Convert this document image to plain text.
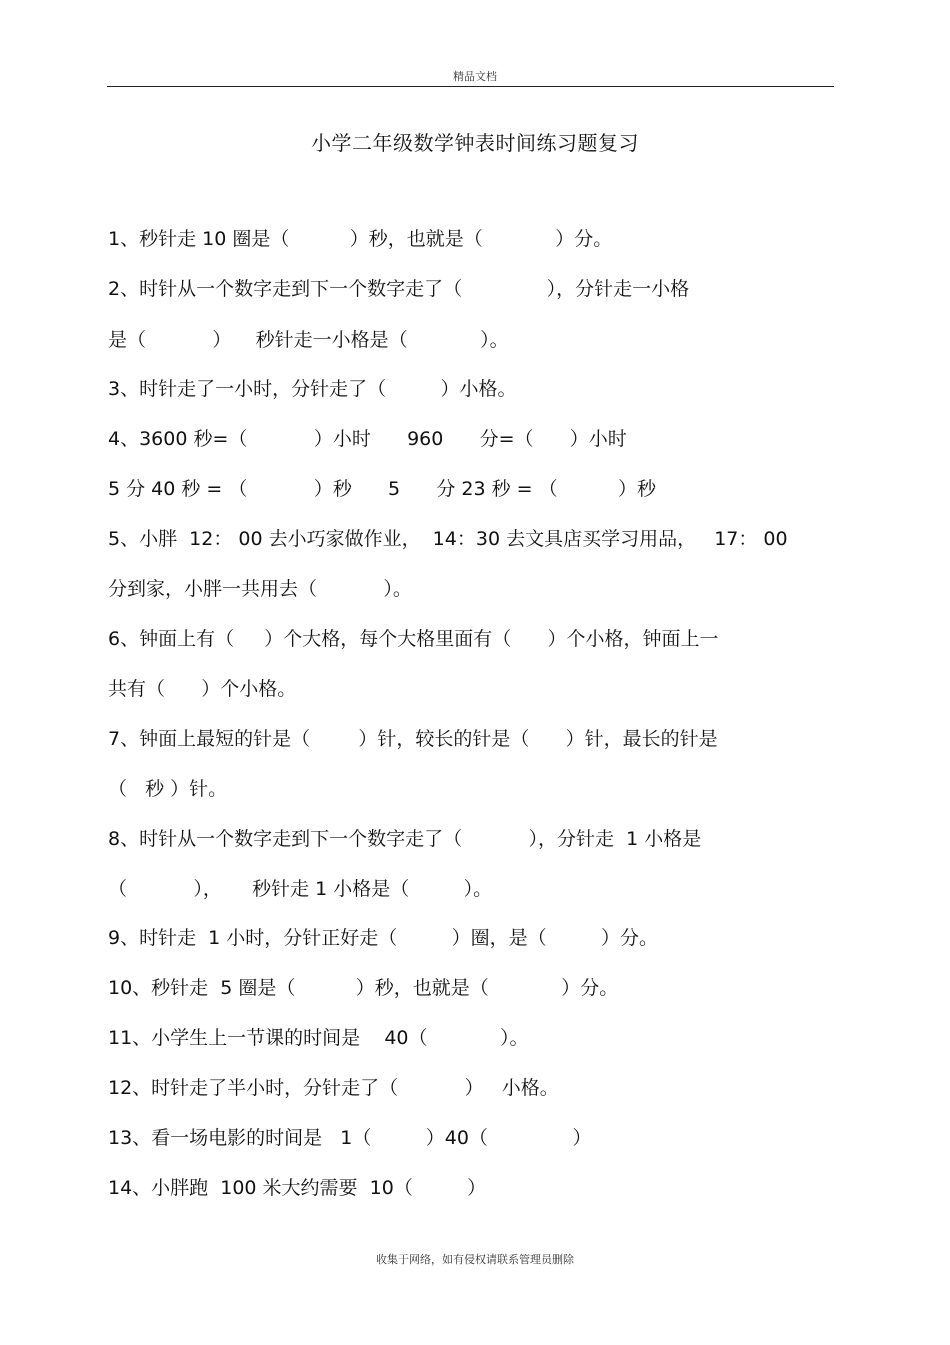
精品文档
小学二年级数学钟表时间练习题复习
1、秒针走 10 圈是（          ）秒，也就是（            ）分。
2、时针从一个数字走到下一个数字走了（              ），分针走一小格
是（           ）    秒针走一小格是（            ）。
3、时针走了一小时，分针走了（         ）小格。
4、3600 秒=（           ）小时      960      分=（      ）小时
5 分 40 秒 = （           ）秒      5      分 23 秒 = （          ）秒
5、小胖  12： 00 去小巧家做作业，  14：30 去文具店买学习用品，   17： 00
分到家，小胖一共用去（           ）。
6、钟面上有（     ）个大格，每个大格里面有（      ）个小格，钟面上一
共有（      ）个小格。
7、钟面上最短的针是（        ）针，较长的针是（      ）针，最长的针是
（   秒 ）针。
8、时针从一个数字走到下一个数字走了（           ），分针走  1 小格是
（           ），     秒针走 1 小格是（         ）。
9、时针走  1 小时，分针正好走（         ）圈，是（         ）分。
10、秒针走  5 圈是（          ）秒，也就是（            ）分。
11、小学生上一节课的时间是    40（            ）。
12、时针走了半小时，分针走了（           ）   小格。
13、看一场电影的时间是   1（         ）40（              ）
14、小胖跑  100 米大约需要  10（         ）
收集于网络，如有侵权请联系管理员删除
